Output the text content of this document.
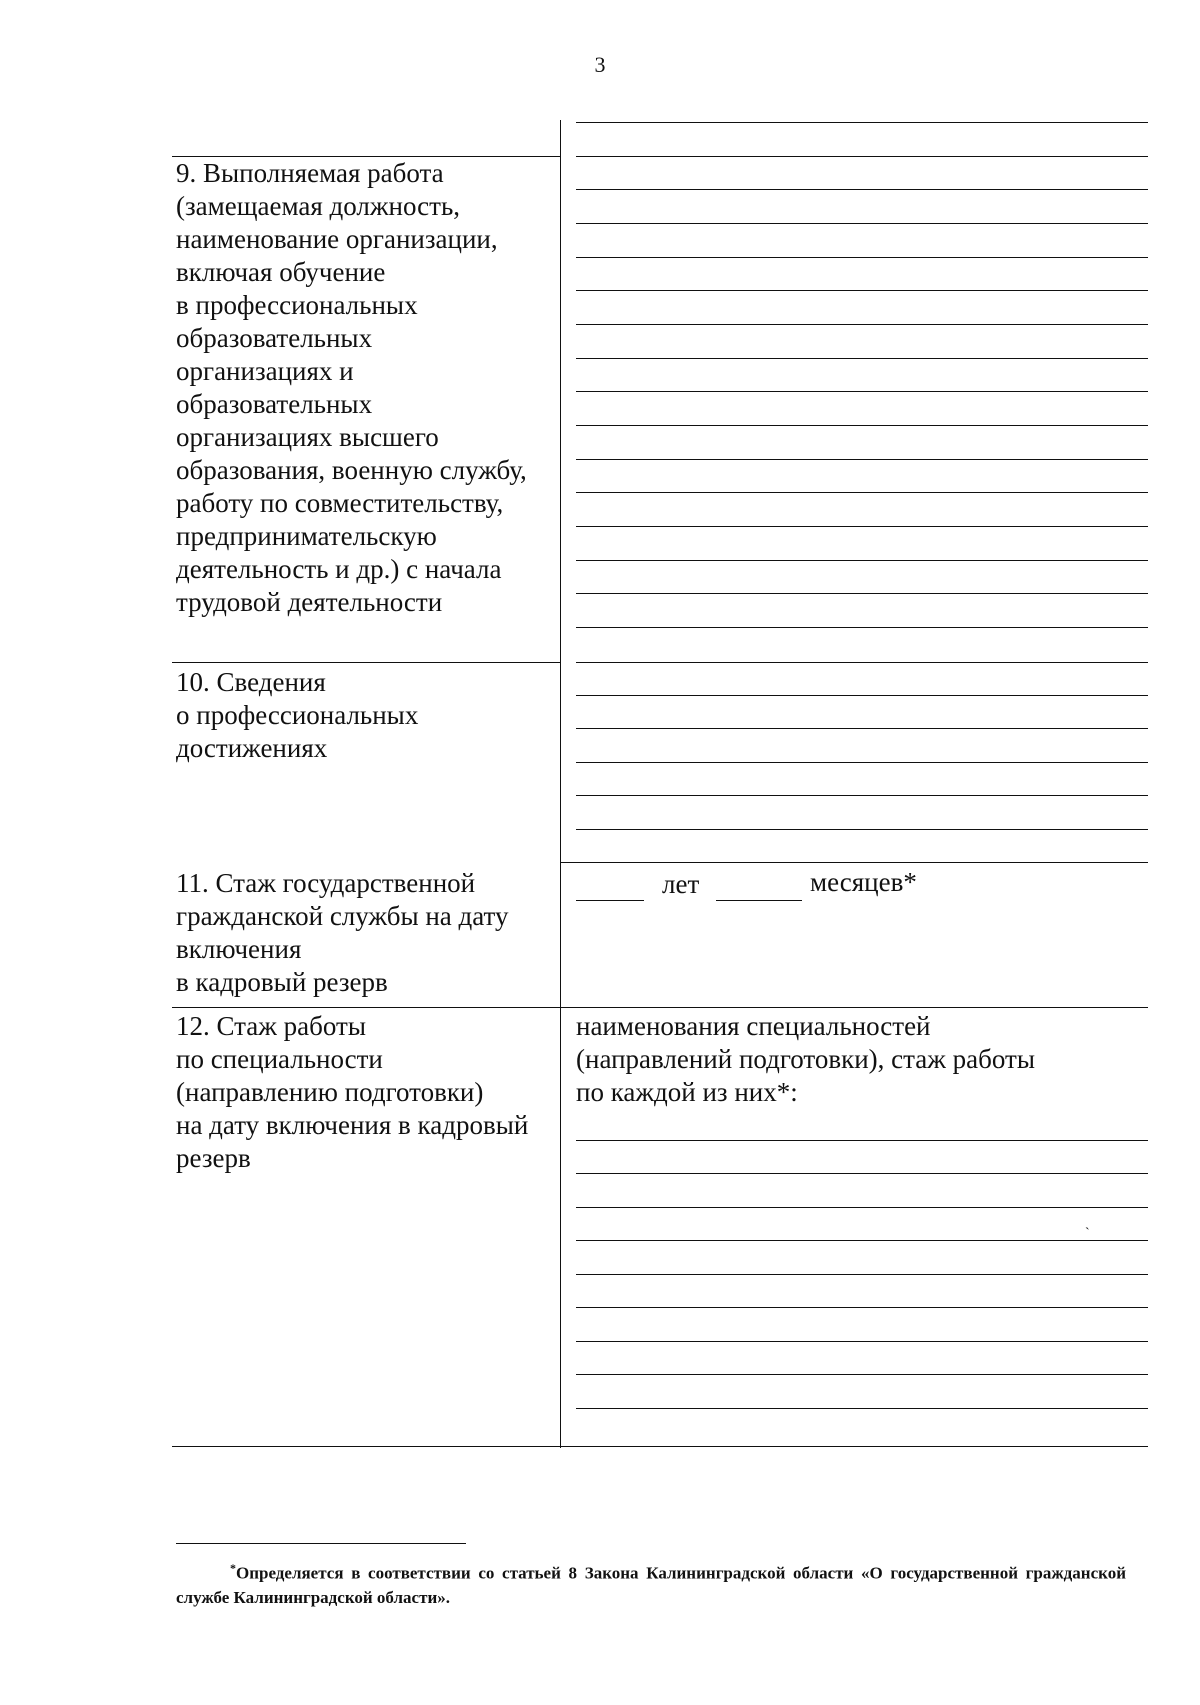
3
9. Выполняемая работа
(замещаемая должность,
наименование организации,
включая обучение
в профессиональных
образовательных
организациях и
образовательных
организациях высшего
образования, военную службу,
работу по совместительству,
предпринимательскую
деятельность и др.) с начала
трудовой деятельности
10. Сведения
о профессиональных
достижениях
11. Стаж государственной
гражданской службы на дату
включения
в кадровый резерв
лет	месяцев*
12. Стаж работы
по специальности
(направлению подготовки)
на дату включения в кадровый
резерв
наименования специальностей
(направлений подготовки), стаж работы
по каждой из них*:
ˋ
*Определяется в соответствии со статьей 8 Закона Калининградской области «О государственной гражданской службе Калининградской области».
